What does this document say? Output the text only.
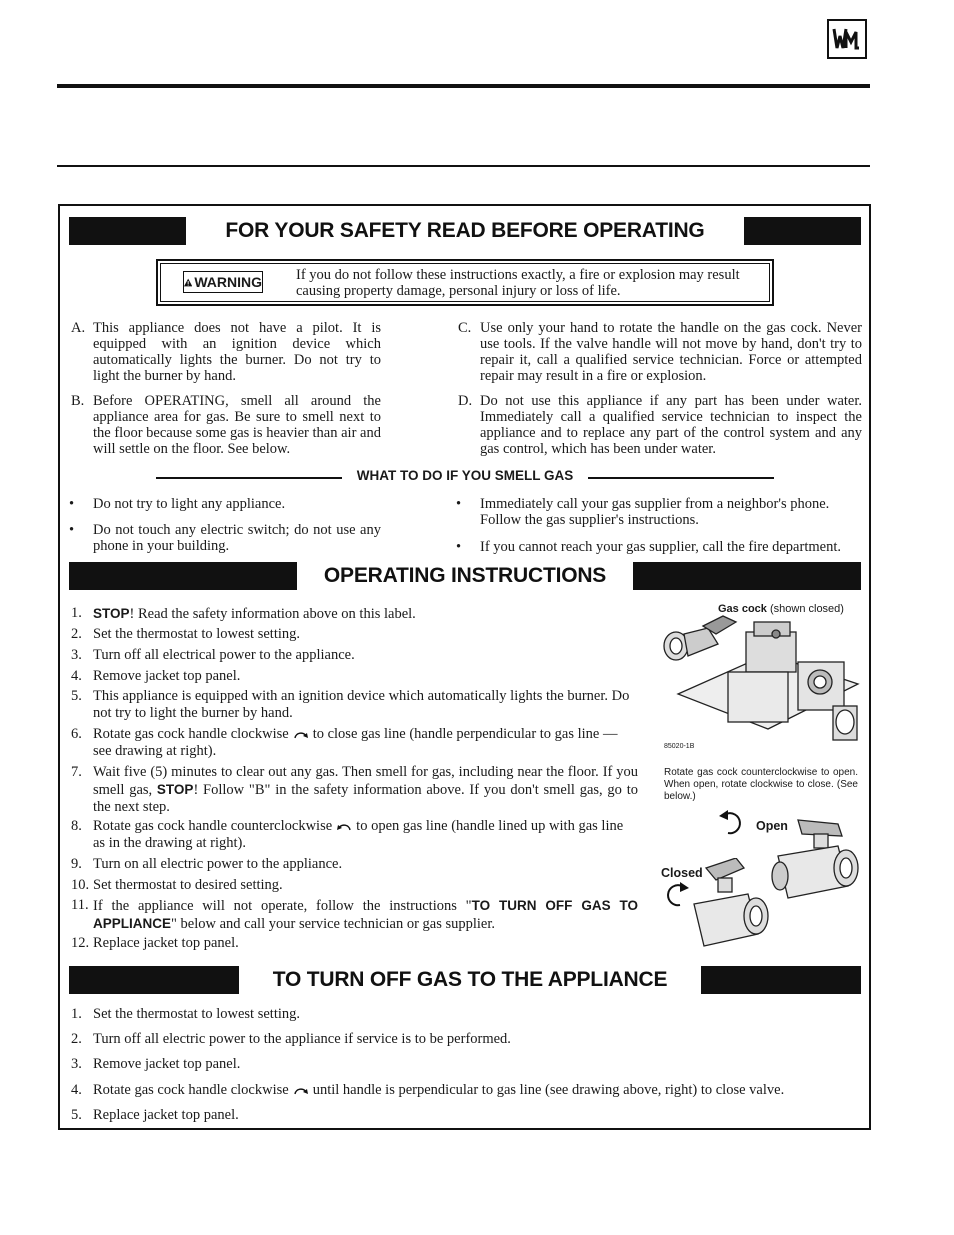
FOR YOUR SAFETY READ BEFORE OPERATING
WARNING If you do not follow these instructions exactly, a fire or explosion may result causing property damage, personal injury or loss of life.
A. This appliance does not have a pilot. It is equipped with an ignition device which automatically lights the burner. Do not try to light the burner by hand.
B. Before OPERATING, smell all around the appliance area for gas. Be sure to smell next to the floor because some gas is heavier than air and will settle on the floor. See below.
C. Use only your hand to rotate the handle on the gas cock. Never use tools. If the valve handle will not move by hand, don't try to repair it, call a qualified service technician. Force or attempted repair may result in a fire or explosion.
D. Do not use this appliance if any part has been under water. Immediately call a qualified service technician to inspect the appliance and to replace any part of the control system and any gas control, which has been under water.
WHAT TO DO IF YOU SMELL GAS
• Do not try to light any appliance.
• Do not touch any electric switch; do not use any phone in your building.
• Immediately call your gas supplier from a neighbor's phone. Follow the gas supplier's instructions.
• If you cannot reach your gas supplier, call the fire department.
OPERATING INSTRUCTIONS
1. STOP! Read the safety information above on this label.
2. Set the thermostat to lowest setting.
3. Turn off all electrical power to the appliance.
4. Remove jacket top panel.
5. This appliance is equipped with an ignition device which automatically lights the burner. Do not try to light the burner by hand.
6. Rotate gas cock handle clockwise to close gas line (handle perpendicular to gas line — see drawing at right).
7. Wait five (5) minutes to clear out any gas. Then smell for gas, including near the floor. If you smell gas, STOP! Follow "B" in the safety information above. If you don't smell gas, go to the next step.
8. Rotate gas cock handle counterclockwise to open gas line (handle lined up with gas line as in the drawing at right).
9. Turn on all electric power to the appliance.
10. Set thermostat to desired setting.
11. If the appliance will not operate, follow the instructions "TO TURN OFF GAS TO APPLIANCE" below and call your service technician or gas supplier.
12. Replace jacket top panel.
Gas cock (shown closed)
85020-1B
Rotate gas cock counterclockwise to open. When open, rotate clockwise to close. (See below.)
Open
Closed
TO TURN OFF GAS TO THE APPLIANCE
1. Set the thermostat to lowest setting.
2. Turn off all electric power to the appliance if service is to be performed.
3. Remove jacket top panel.
4. Rotate gas cock handle clockwise until handle is perpendicular to gas line (see drawing above, right) to close valve.
5. Replace jacket top panel.
